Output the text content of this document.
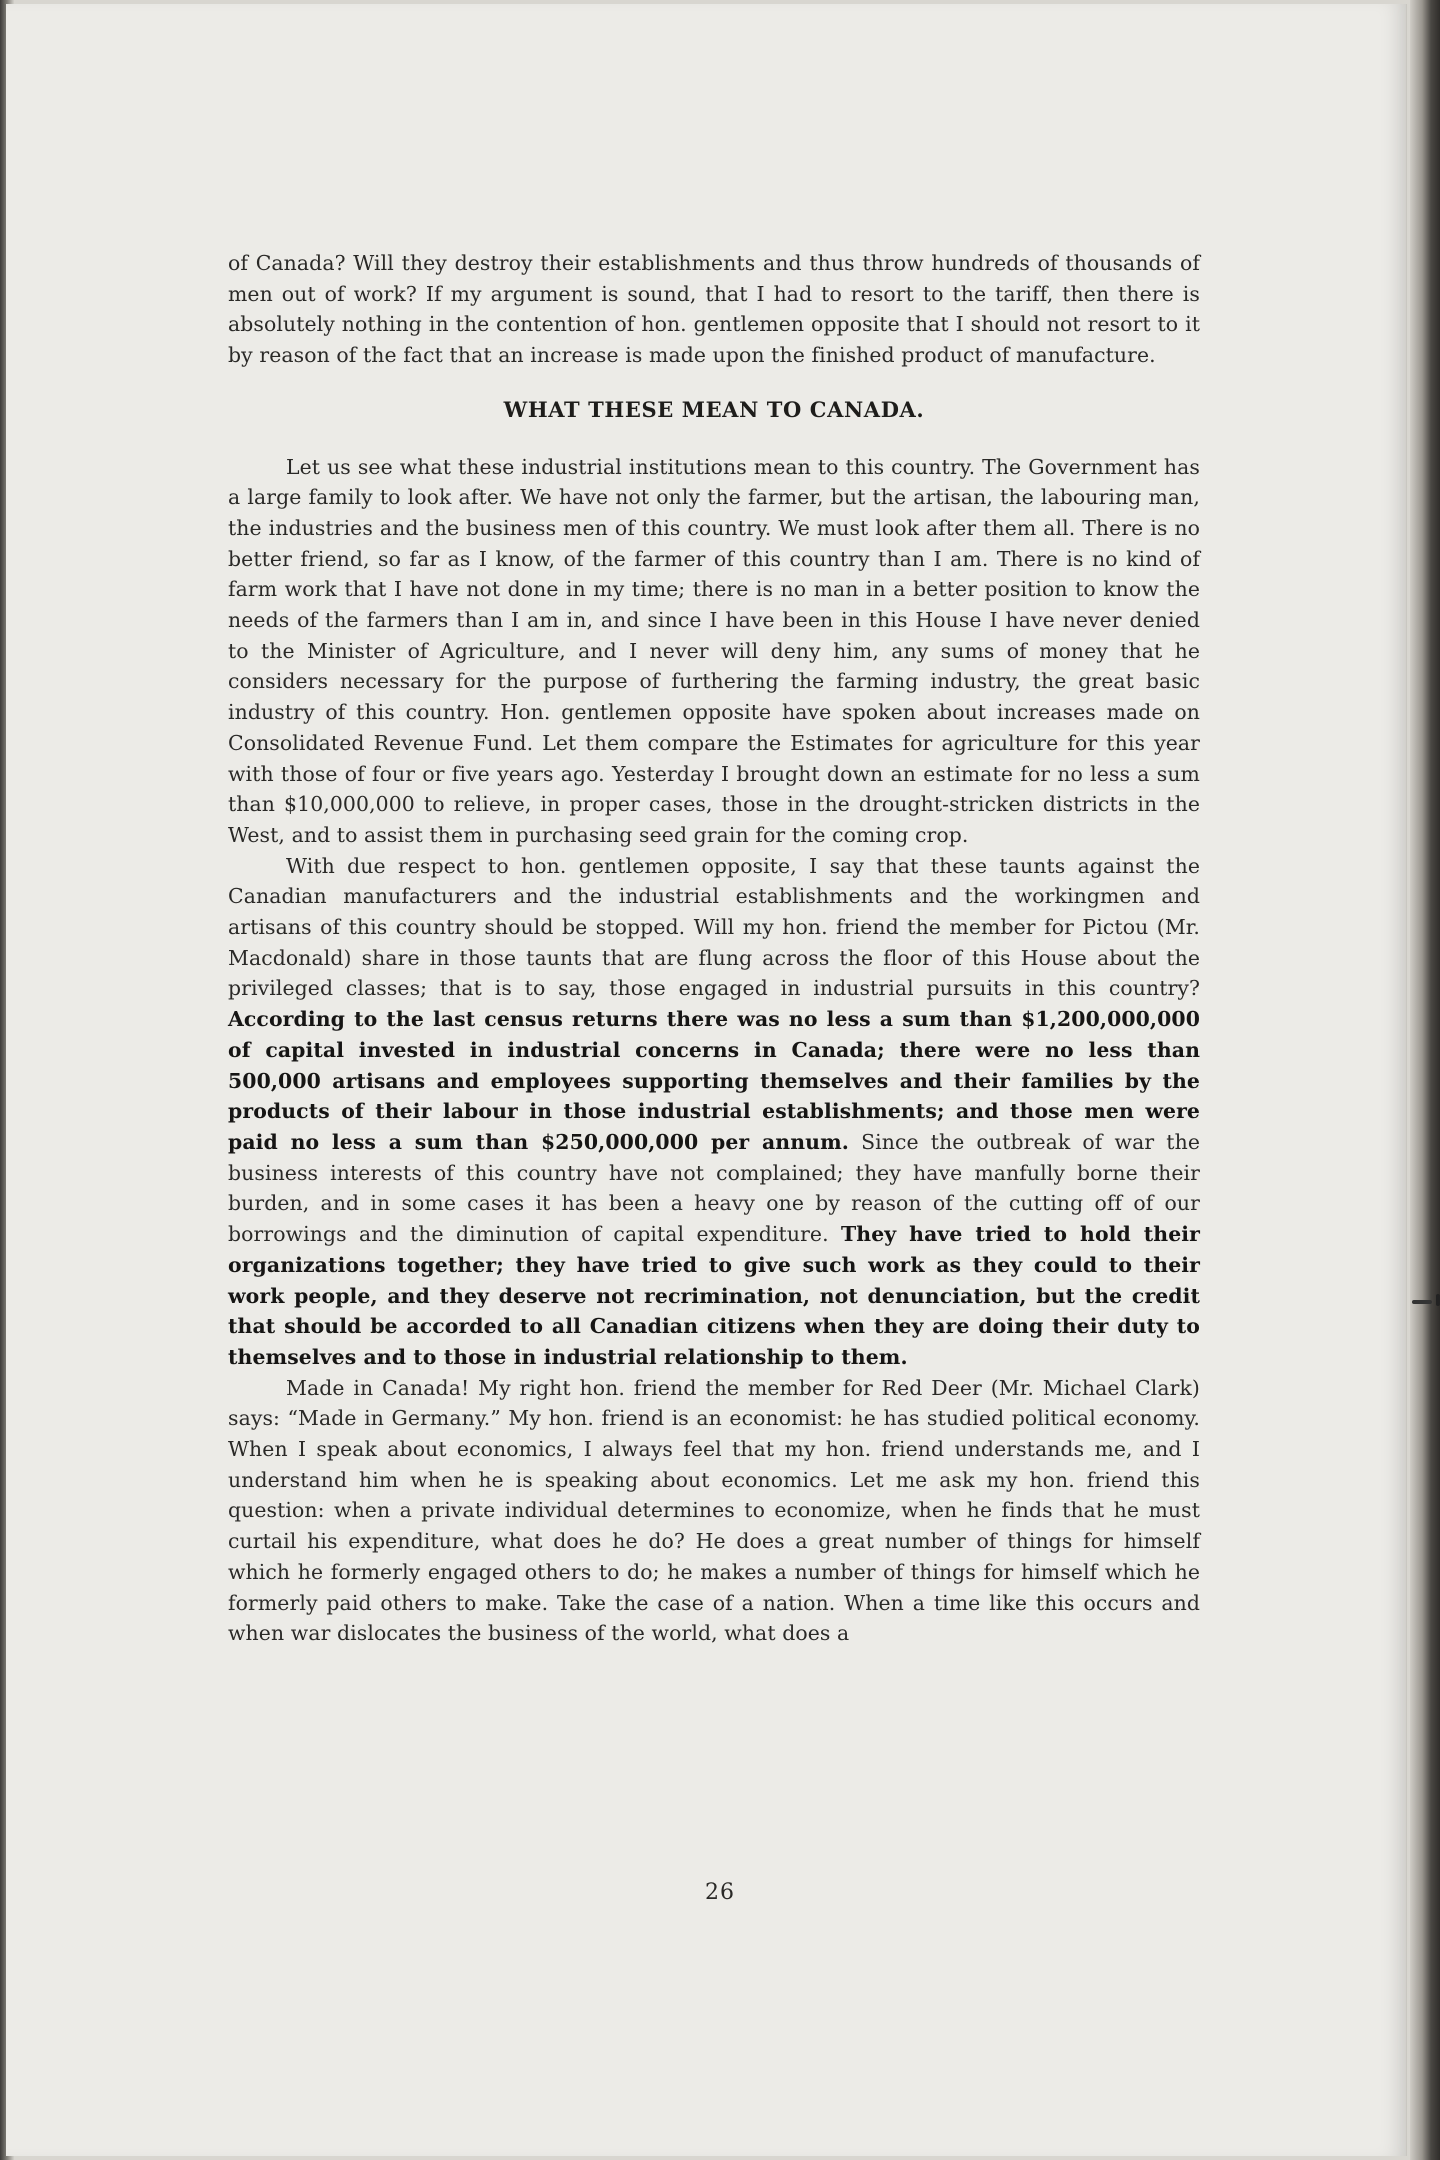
of Canada? Will they destroy their establishments and thus throw hundreds of thousands of men out of work? If my argument is sound, that I had to resort to the tariff, then there is absolutely nothing in the contention of hon. gentlemen opposite that I should not resort to it by reason of the fact that an increase is made upon the finished product of manufacture.

WHAT THESE MEAN TO CANADA.

Let us see what these industrial institutions mean to this country. The Government has a large family to look after. We have not only the farmer, but the artisan, the labouring man, the industries and the business men of this country. We must look after them all. There is no better friend, so far as I know, of the farmer of this country than I am. There is no kind of farm work that I have not done in my time; there is no man in a better position to know the needs of the farmers than I am in, and since I have been in this House I have never denied to the Minister of Agriculture, and I never will deny him, any sums of money that he considers necessary for the purpose of furthering the farming industry, the great basic industry of this country. Hon. gentlemen opposite have spoken about increases made on Consolidated Revenue Fund. Let them compare the Estimates for agriculture for this year with those of four or five years ago. Yesterday I brought down an estimate for no less a sum than $10,000,000 to relieve, in proper cases, those in the drought-stricken districts in the West, and to assist them in purchasing seed grain for the coming crop.

With due respect to hon. gentlemen opposite, I say that these taunts against the Canadian manufacturers and the industrial establishments and the workingmen and artisans of this country should be stopped. Will my hon. friend the member for Pictou (Mr. Macdonald) share in those taunts that are flung across the floor of this House about the privileged classes; that is to say, those engaged in industrial pursuits in this country? According to the last census returns there was no less a sum than $1,200,000,000 of capital invested in industrial concerns in Canada; there were no less than 500,000 artisans and employees supporting themselves and their families by the products of their labour in those industrial establishments; and those men were paid no less a sum than $250,000,000 per annum. Since the outbreak of war the business interests of this country have not complained; they have manfully borne their burden, and in some cases it has been a heavy one by reason of the cutting off of our borrowings and the diminution of capital expenditure. They have tried to hold their organizations together; they have tried to give such work as they could to their work people, and they deserve not recrimination, not denunciation, but the credit that should be accorded to all Canadian citizens when they are doing their duty to themselves and to those in industrial relationship to them.

Made in Canada! My right hon. friend the member for Red Deer (Mr. Michael Clark) says: “Made in Germany.” My hon. friend is an economist: he has studied political economy. When I speak about economics, I always feel that my hon. friend understands me, and I understand him when he is speaking about economics. Let me ask my hon. friend this question: when a private individual determines to economize, when he finds that he must curtail his expenditure, what does he do? He does a great number of things for himself which he formerly engaged others to do; he makes a number of things for himself which he formerly paid others to make. Take the case of a nation. When a time like this occurs and when war dislocates the business of the world, what does a

26
